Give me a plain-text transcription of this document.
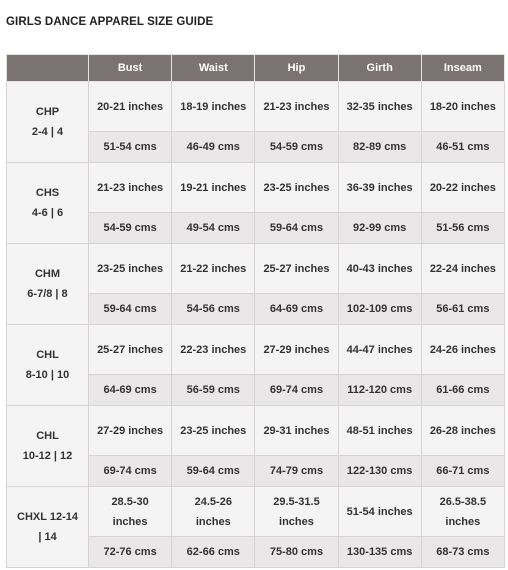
GIRLS DANCE APPAREL SIZE GUIDE
	Bust	Waist	Hip	Girth	Inseam

CHP
2-4 | 4	20-21 inches	18-19 inches	21-23 inches	32-35 inches	18-20 inches
	51-54 cms	46-49 cms	54-59 cms	82-89 cms	46-51 cms

CHS
4-6 | 6	21-23 inches	19-21 inches	23-25 inches	36-39 inches	20-22 inches
	54-59 cms	49-54 cms	59-64 cms	92-99 cms	51-56 cms

CHM
6-7/8 | 8	23-25 inches	21-22 inches	25-27 inches	40-43 inches	22-24 inches
	59-64 cms	54-56 cms	64-69 cms	102-109 cms	56-61 cms

CHL
8-10 | 10	25-27 inches	22-23 inches	27-29 inches	44-47 inches	24-26 inches
	64-69 cms	56-59 cms	69-74 cms	112-120 cms	61-66 cms

CHL
10-12 | 12	27-29 inches	23-25 inches	29-31 inches	48-51 inches	26-28 inches
	69-74 cms	59-64 cms	74-79 cms	122-130 cms	66-71 cms

CHXL 12-14
| 14	28.5-30 inches	24.5-26 inches	29.5-31.5 inches	51-54 inches	26.5-38.5 inches
	72-76 cms	62-66 cms	75-80 cms	130-135 cms	68-73 cms
